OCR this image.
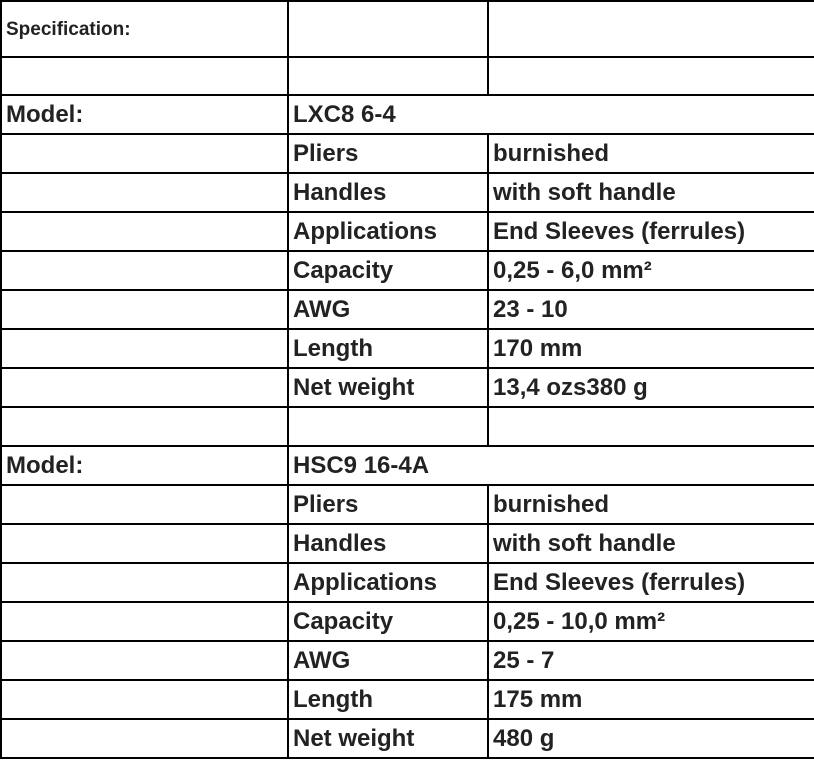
Specification:		

Model:	LXC8 6-4	
	Pliers	burnished
	Handles	with soft handle
	Applications	End Sleeves (ferrules)
	Capacity	0,25 - 6,0 mm²
	AWG	23 - 10
	Length	170 mm
	Net weight	13,4 ozs380 g

Model:	HSC9 16-4A	
	Pliers	burnished
	Handles	with soft handle
	Applications	End Sleeves (ferrules)
	Capacity	0,25 - 10,0 mm²
	AWG	25 - 7
	Length	175 mm
	Net weight	480 g
